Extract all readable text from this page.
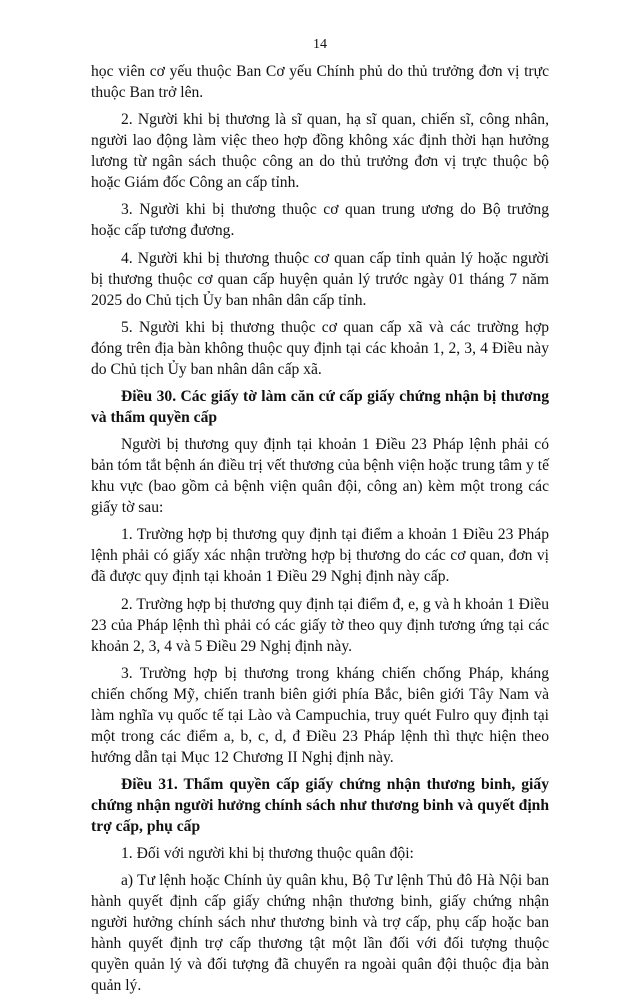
14

học viên cơ yếu thuộc Ban Cơ yếu Chính phủ do thủ trưởng đơn vị trực thuộc Ban trở lên.

2. Người khi bị thương là sĩ quan, hạ sĩ quan, chiến sĩ, công nhân, người lao động làm việc theo hợp đồng không xác định thời hạn hưởng lương từ ngân sách thuộc công an do thủ trưởng đơn vị trực thuộc bộ hoặc Giám đốc Công an cấp tỉnh.

3. Người khi bị thương thuộc cơ quan trung ương do Bộ trưởng hoặc cấp tương đương.

4. Người khi bị thương thuộc cơ quan cấp tỉnh quản lý hoặc người bị thương thuộc cơ quan cấp huyện quản lý trước ngày 01 tháng 7 năm 2025 do Chủ tịch Ủy ban nhân dân cấp tỉnh.

5. Người khi bị thương thuộc cơ quan cấp xã và các trường hợp đóng trên địa bàn không thuộc quy định tại các khoản 1, 2, 3, 4 Điều này do Chủ tịch Ủy ban nhân dân cấp xã.

Điều 30. Các giấy tờ làm căn cứ cấp giấy chứng nhận bị thương và thẩm quyền cấp

Người bị thương quy định tại khoản 1 Điều 23 Pháp lệnh phải có bản tóm tắt bệnh án điều trị vết thương của bệnh viện hoặc trung tâm y tế khu vực (bao gồm cả bệnh viện quân đội, công an) kèm một trong các giấy tờ sau:

1. Trường hợp bị thương quy định tại điểm a khoản 1 Điều 23 Pháp lệnh phải có giấy xác nhận trường hợp bị thương do các cơ quan, đơn vị đã được quy định tại khoản 1 Điều 29 Nghị định này cấp.

2. Trường hợp bị thương quy định tại điểm đ, e, g và h khoản 1 Điều 23 của Pháp lệnh thì phải có các giấy tờ theo quy định tương ứng tại các khoản 2, 3, 4 và 5 Điều 29 Nghị định này.

3. Trường hợp bị thương trong kháng chiến chống Pháp, kháng chiến chống Mỹ, chiến tranh biên giới phía Bắc, biên giới Tây Nam và làm nghĩa vụ quốc tế tại Lào và Campuchia, truy quét Fulro quy định tại một trong các điểm a, b, c, d, đ Điều 23 Pháp lệnh thì thực hiện theo hướng dẫn tại Mục 12 Chương II Nghị định này.

Điều 31. Thẩm quyền cấp giấy chứng nhận thương binh, giấy chứng nhận người hưởng chính sách như thương binh và quyết định trợ cấp, phụ cấp

1. Đối với người khi bị thương thuộc quân đội:

a) Tư lệnh hoặc Chính ủy quân khu, Bộ Tư lệnh Thủ đô Hà Nội ban hành quyết định cấp giấy chứng nhận thương binh, giấy chứng nhận người hưởng chính sách như thương binh và trợ cấp, phụ cấp hoặc ban hành quyết định trợ cấp thương tật một lần đối với đối tượng thuộc quyền quản lý và đối tượng đã chuyển ra ngoài quân đội thuộc địa bàn quản lý.
